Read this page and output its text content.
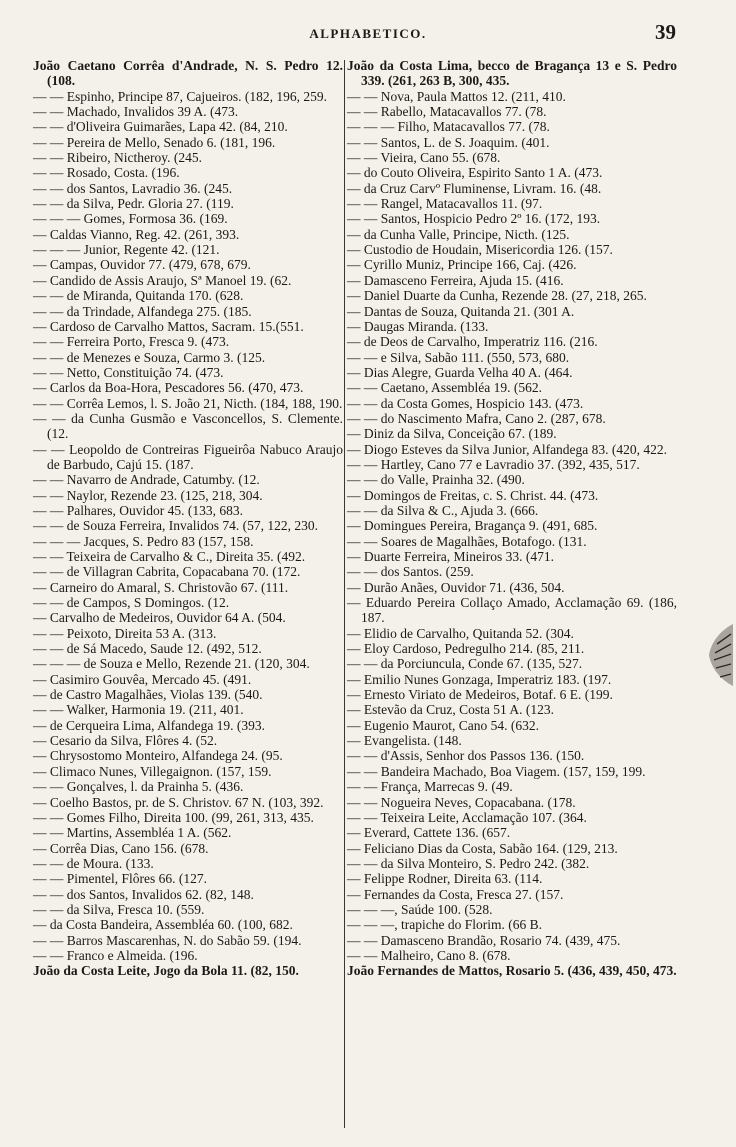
ALPHABETICO.	39
João Caetano Corrêa d'Andrade, N. S. Pedro 12. (108.
— — Espinho, Principe 87, Cajueiros. (182, 196, 259.
— — Machado, Invalidos 39 A. (473.
— — d'Oliveira Guimarães, Lapa 42. (84, 210.
— — Pereira de Mello, Senado 6. (181, 196.
— — Ribeiro, Nictheroy. (245.
— — Rosado, Costa. (196.
— — dos Santos, Lavradio 36. (245.
— — da Silva, Pedr. Gloria 27. (119.
— — — Gomes, Formosa 36. (169.
— Caldas Vianno, Reg. 42. (261, 393.
— — — Junior, Regente 42. (121.
— Campas, Ouvidor 77. (479, 678, 679.
— Candido de Assis Araujo, Sª Manoel 19. (62.
— — de Miranda, Quitanda 170. (628.
— — da Trindade, Alfandega 275. (185.
— Cardoso de Carvalho Mattos, Sacram. 15.(551.
— — Ferreira Porto, Fresca 9. (473.
— — de Menezes e Souza, Carmo 3. (125.
— — Netto, Constituição 74. (473.
— Carlos da Boa-Hora, Pescadores 56. (470, 473.
— — Corrêa Lemos, l. S. João 21, Nicth. (184, 188, 190.
— — da Cunha Gusmão e Vasconcellos, S. Clemente. (12.
— — Leopoldo de Contreiras Figueirôa Nabuco Araujo de Barbudo, Cajú 15. (187.
— — Navarro de Andrade, Catumby. (12.
— — Naylor, Rezende 23. (125, 218, 304.
— — Palhares, Ouvidor 45. (133, 683.
— — de Souza Ferreira, Invalidos 74. (57, 122, 230.
— — — Jacques, S. Pedro 83 (157, 158.
— — Teixeira de Carvalho & C., Direita 35. (492.
— — de Villagran Cabrita, Copacabana 70. (172.
— Carneiro do Amaral, S. Christovão 67. (111.
— — de Campos, S Domingos. (12.
— Carvalho de Medeiros, Ouvidor 64 A. (504.
— — Peixoto, Direita 53 A. (313.
— — de Sá Macedo, Saude 12. (492, 512.
— — — de Souza e Mello, Rezende 21. (120, 304.
— Casimiro Gouvêa, Mercado 45. (491.
— de Castro Magalhães, Violas 139. (540.
— — Walker, Harmonia 19. (211, 401.
— de Cerqueira Lima, Alfandega 19. (393.
— Cesario da Silva, Flôres 4. (52.
— Chrysostomo Monteiro, Alfandega 24. (95.
— Climaco Nunes, Villegaignon. (157, 159.
— — Gonçalves, l. da Prainha 5. (436.
— Coelho Bastos, pr. de S. Christov. 67 N. (103, 392.
— — Gomes Filho, Direita 100. (99, 261, 313, 435.
— — Martins, Assembléa 1 A. (562.
— Corrêa Dias, Cano 156. (678.
— — de Moura. (133.
— — Pimentel, Flôres 66. (127.
— — dos Santos, Invalidos 62. (82, 148.
— — da Silva, Fresca 10. (559.
— da Costa Bandeira, Assembléa 60. (100, 682.
— — Barros Mascarenhas, N. do Sabão 59. (194.
— — Franco e Almeida. (196.
João da Costa Leite, Jogo da Bola 11. (82, 150.
João da Costa Lima, becco de Bragança 13 e S. Pedro 339. (261, 263 B, 300, 435.
— — Nova, Paula Mattos 12. (211, 410.
— — Rabello, Matacavallos 77. (78.
— — — Filho, Matacavallos 77. (78.
— — Santos, L. de S. Joaquim. (401.
— — Vieira, Cano 55. (678.
— do Couto Oliveira, Espirito Santo 1 A. (473.
— da Cruz Carvº Fluminense, Livram. 16. (48.
— — Rangel, Matacavallos 11. (97.
— — Santos, Hospicio Pedro 2º 16. (172, 193.
— da Cunha Valle, Principe, Nicth. (125.
— Custodio de Houdain, Misericordia 126. (157.
— Cyrillo Muniz, Principe 166, Caj. (426.
— Damasceno Ferreira, Ajuda 15. (416.
— Daniel Duarte da Cunha, Rezende 28. (27, 218, 265.
— Dantas de Souza, Quitanda 21. (301 A.
— Daugas Miranda. (133.
— de Deos de Carvalho, Imperatriz 116. (216.
— — e Silva, Sabão 111. (550, 573, 680.
— Dias Alegre, Guarda Velha 40 A. (464.
— — Caetano, Assembléa 19. (562.
— — da Costa Gomes, Hospicio 143. (473.
— — do Nascimento Mafra, Cano 2. (287, 678.
— Diniz da Silva, Conceição 67. (189.
— Diogo Esteves da Silva Junior, Alfandega 83. (420, 422.
— — Hartley, Cano 77 e Lavradio 37. (392, 435, 517.
— — do Valle, Prainha 32. (490.
— Domingos de Freitas, c. S. Christ. 44. (473.
— — da Silva & C., Ajuda 3. (666.
— Domingues Pereira, Bragança 9. (491, 685.
— — Soares de Magalhães, Botafogo. (131.
— Duarte Ferreira, Mineiros 33. (471.
— — dos Santos. (259.
— Durão Anães, Ouvidor 71. (436, 504.
— Eduardo Pereira Collaço Amado, Acclamação 69. (186, 187.
— Elidio de Carvalho, Quitanda 52. (304.
— Eloy Cardoso, Pedregulho 214. (85, 211.
— — da Porciuncula, Conde 67. (135, 527.
— Emilio Nunes Gonzaga, Imperatriz 183. (197.
— Ernesto Viriato de Medeiros, Botaf. 6 E. (199.
— Estevão da Cruz, Costa 51 A. (123.
— Eugenio Maurot, Cano 54. (632.
— Evangelista. (148.
— — d'Assis, Senhor dos Passos 136. (150.
— — Bandeira Machado, Boa Viagem. (157, 159, 199.
— — França, Marrecas 9. (49.
— — Nogueira Neves, Copacabana. (178.
— — Teixeira Leite, Acclamação 107. (364.
— Everard, Cattete 136. (657.
— Feliciano Dias da Costa, Sabão 164. (129, 213.
— — da Silva Monteiro, S. Pedro 242. (382.
— Felippe Rodner, Direita 63. (114.
— Fernandes da Costa, Fresca 27. (157.
— — —, Saúde 100. (528.
— — —, trapiche do Florim. (66 B.
— — Damasceno Brandão, Rosario 74. (439, 475.
— — Malheiro, Cano 8. (678.
João Fernandes de Mattos, Rosario 5. (436, 439, 450, 473.
